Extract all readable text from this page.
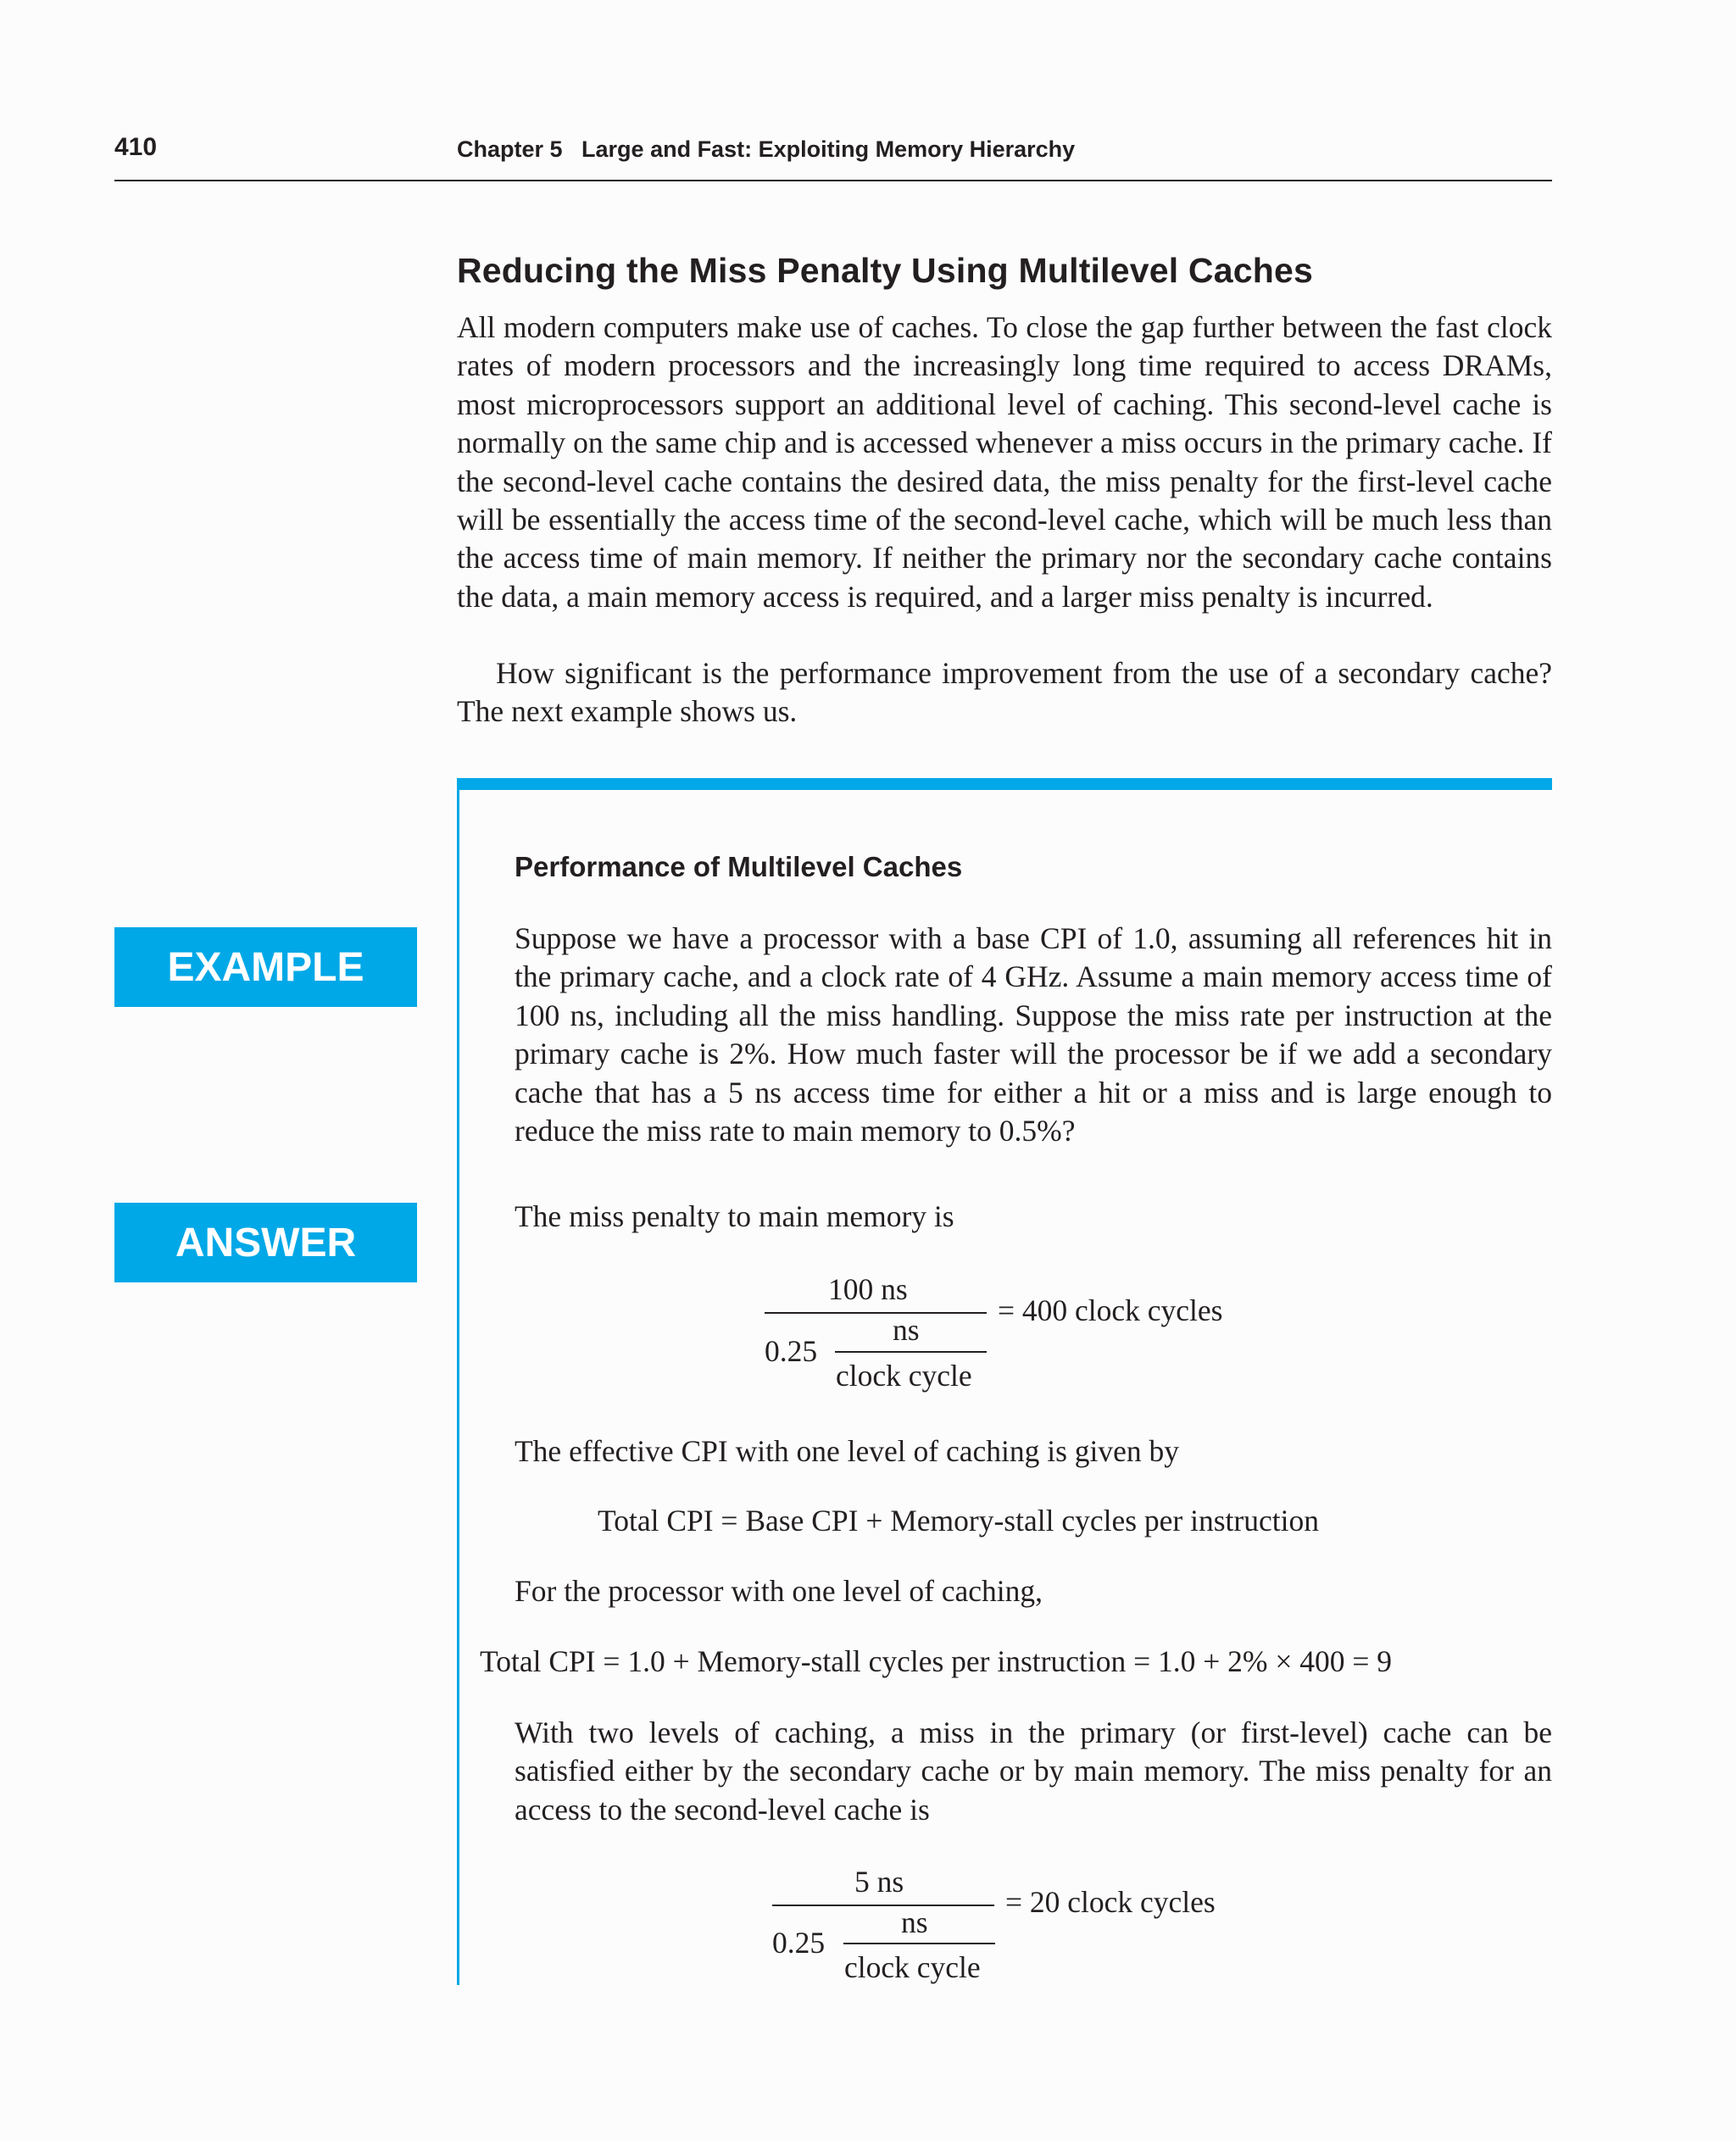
410	Chapter 5   Large and Fast: Exploiting Memory Hierarchy
Reducing the Miss Penalty Using Multilevel Caches
All modern computers make use of caches. To close the gap further between the fast clock rates of modern processors and the increasingly long time required to access DRAMs, most microprocessors support an additional level of caching. This second-level cache is normally on the same chip and is accessed whenever a miss occurs in the primary cache. If the second-level cache contains the desired data, the miss penalty for the first-level cache will be essentially the access time of the second-level cache, which will be much less than the access time of main memory. If neither the primary nor the secondary cache contains the data, a main memory access is required, and a larger miss penalty is incurred.
How significant is the performance improvement from the use of a secondary cache? The next example shows us.
EXAMPLE
ANSWER
Performance of Multilevel Caches
Suppose we have a processor with a base CPI of 1.0, assuming all references hit in the primary cache, and a clock rate of 4 GHz. Assume a main memory access time of 100 ns, including all the miss handling. Suppose the miss rate per instruction at the primary cache is 2%. How much faster will the processor be if we add a secondary cache that has a 5 ns access time for either a hit or a miss and is large enough to reduce the miss rate to main memory to 0.5%?
The miss penalty to main memory is
100 ns
ns
0.25
clock cycle
= 400 clock cycles
The effective CPI with one level of caching is given by
Total CPI = Base CPI + Memory-stall cycles per instruction
For the processor with one level of caching,
Total CPI = 1.0 + Memory-stall cycles per instruction = 1.0 + 2% × 400 = 9
With two levels of caching, a miss in the primary (or first-level) cache can be satisfied either by the secondary cache or by main memory. The miss penalty for an access to the second-level cache is
5 ns
ns
0.25
clock cycle
= 20 clock cycles
